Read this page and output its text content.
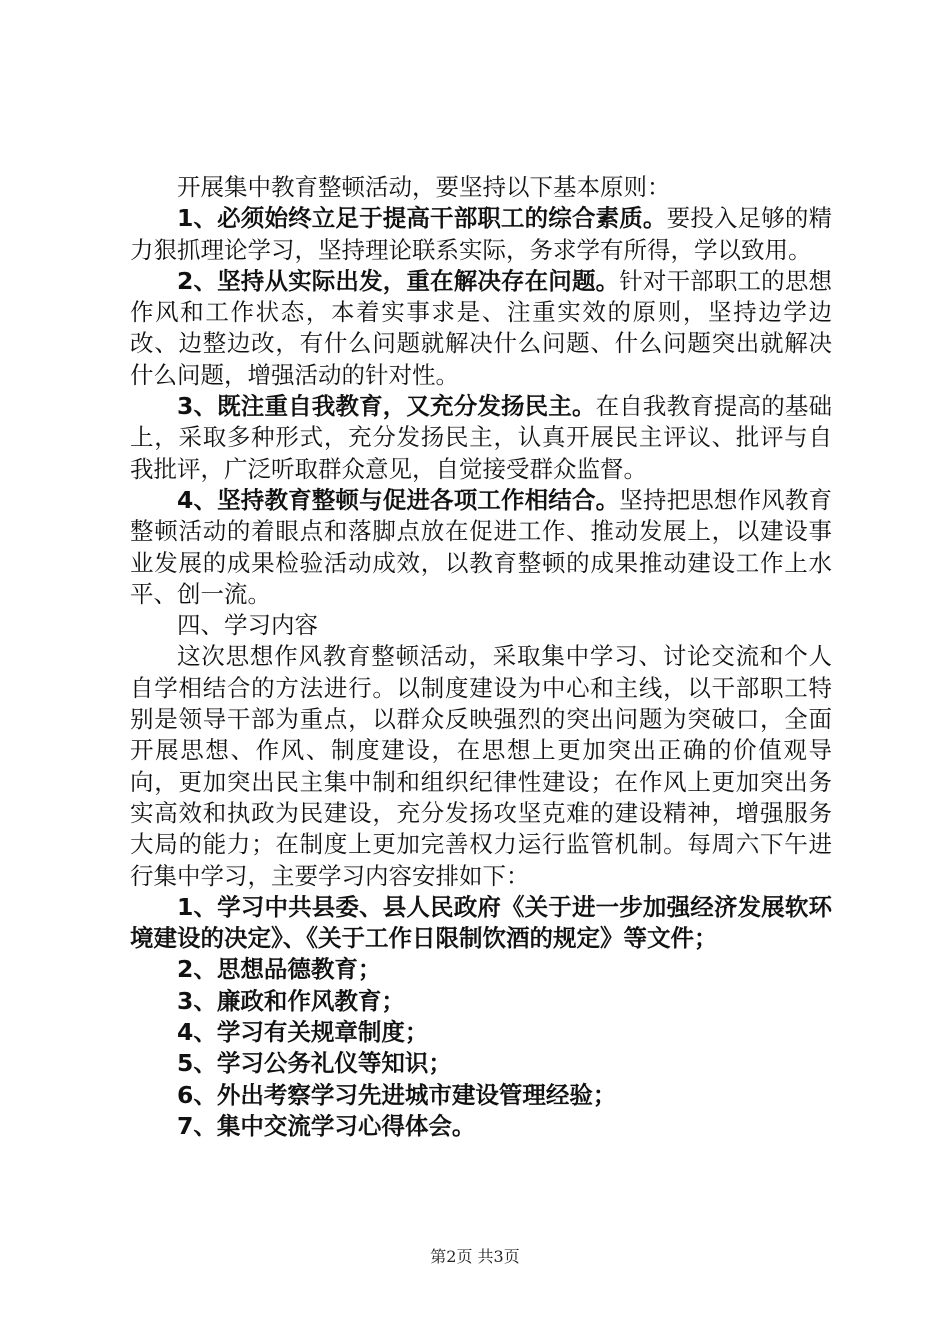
开展集中教育整顿活动，要坚持以下基本原则：

1、必须始终立足于提高干部职工的综合素质。要投入足够的精力狠抓理论学习，坚持理论联系实际，务求学有所得，学以致用。

2、坚持从实际出发，重在解决存在问题。针对干部职工的思想作风和工作状态，本着实事求是、注重实效的原则，坚持边学边改、边整边改，有什么问题就解决什么问题、什么问题突出就解决什么问题，增强活动的针对性。

3、既注重自我教育，又充分发扬民主。在自我教育提高的基础上，采取多种形式，充分发扬民主，认真开展民主评议、批评与自我批评，广泛听取群众意见，自觉接受群众监督。

4、坚持教育整顿与促进各项工作相结合。坚持把思想作风教育整顿活动的着眼点和落脚点放在促进工作、推动发展上，以建设事业发展的成果检验活动成效，以教育整顿的成果推动建设工作上水平、创一流。

四、学习内容

这次思想作风教育整顿活动，采取集中学习、讨论交流和个人自学相结合的方法进行。以制度建设为中心和主线，以干部职工特别是领导干部为重点，以群众反映强烈的突出问题为突破口，全面开展思想、作风、制度建设，在思想上更加突出正确的价值观导向，更加突出民主集中制和组织纪律性建设；在作风上更加突出务实高效和执政为民建设，充分发扬攻坚克难的建设精神，增强服务大局的能力；在制度上更加完善权力运行监管机制。每周六下午进行集中学习，主要学习内容安排如下：

1、学习中共县委、县人民政府《关于进一步加强经济发展软环境建设的决定》、《关于工作日限制饮酒的规定》等文件；

2、思想品德教育；

3、廉政和作风教育；

4、学习有关规章制度；

5、学习公务礼仪等知识；

6、外出考察学习先进城市建设管理经验；

7、集中交流学习心得体会。

第2页 共3页
